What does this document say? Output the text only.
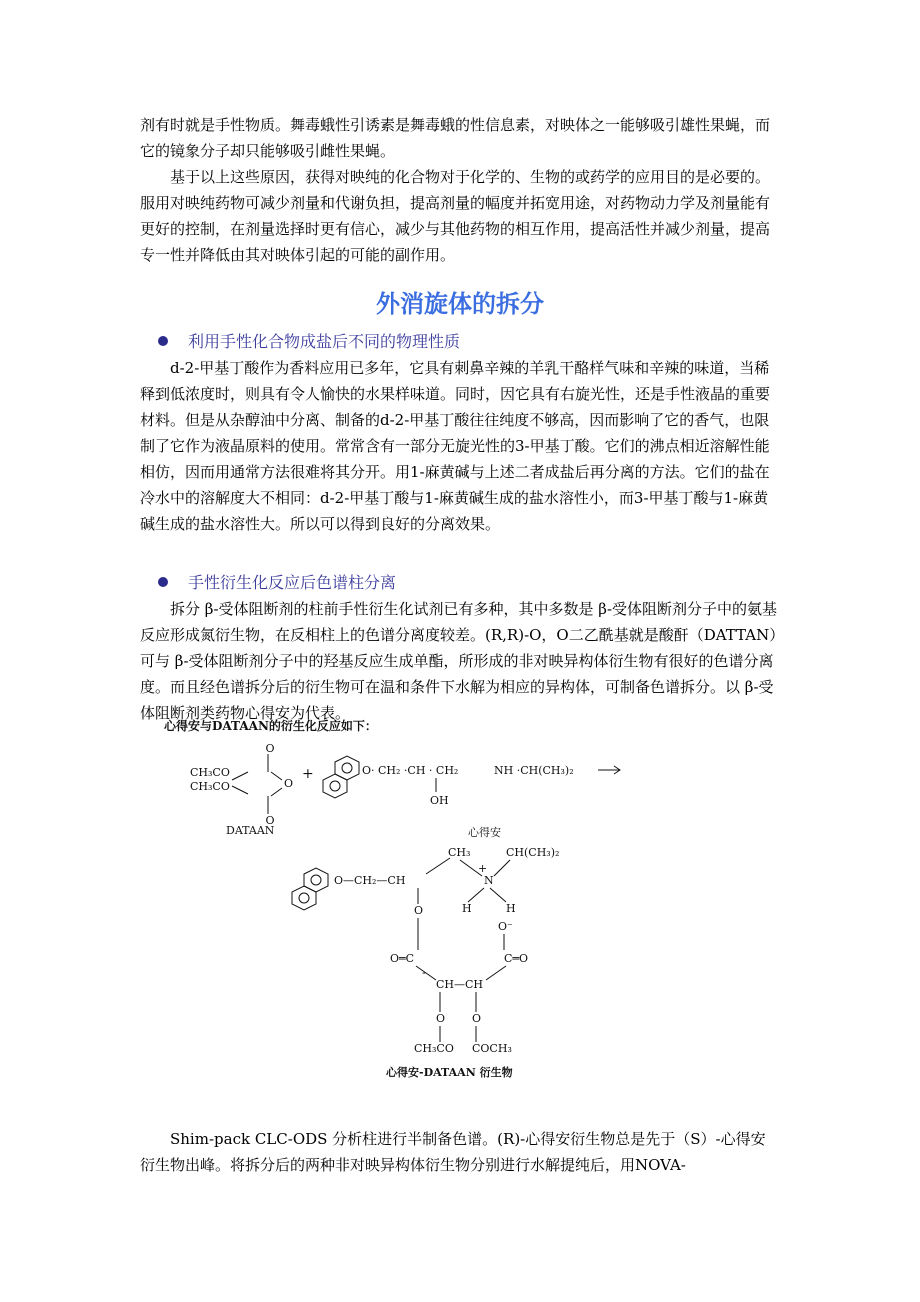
剂有时就是手性物质。舞毒蛾性引诱素是舞毒蛾的性信息素，对映体之一能够吸引雄性果蝇，而它的镜象分子却只能够吸引雌性果蝇。

基于以上这些原因，获得对映纯的化合物对于化学的、生物的或药学的应用目的是必要的。服用对映纯药物可减少剂量和代谢负担，提高剂量的幅度并拓宽用途，对药物动力学及剂量能有更好的控制，在剂量选择时更有信心，减少与其他药物的相互作用，提高活性并减少剂量，提高专一性并降低由其对映体引起的可能的副作用。

外消旋体的拆分

利用手性化合物成盐后不同的物理性质

d-2-甲基丁酸作为香料应用已多年，它具有刺鼻辛辣的羊乳干酪样气味和辛辣的味道，当稀释到低浓度时，则具有令人愉快的水果样味道。同时，因它具有右旋光性，还是手性液晶的重要材料。但是从杂醇油中分离、制备的d-2-甲基丁酸往往纯度不够高，因而影响了它的香气，也限制了它作为液晶原料的使用。常常含有一部分无旋光性的3-甲基丁酸。它们的沸点相近溶解性能相仿，因而用通常方法很难将其分开。用1-麻黄碱与上述二者成盐后再分离的方法。它们的盐在冷水中的溶解度大不相同：d-2-甲基丁酸与1-麻黄碱生成的盐水溶性小，而3-甲基丁酸与1-麻黄碱生成的盐水溶性大。所以可以得到良好的分离效果。

手性衍生化反应后色谱柱分离

拆分 β-受体阻断剂的柱前手性衍生化试剂已有多种，其中多数是 β-受体阻断剂分子中的氨基反应形成氮衍生物，在反相柱上的色谱分离度较差。(R,R)-O，O二乙酰基就是酸酐（DATTAN）可与 β-受体阻断剂分子中的羟基反应生成单酯，所形成的非对映异构体衍生物有很好的色谱分离度。而且经色谱拆分后的衍生物可在温和条件下水解为相应的异构体，可制备色谱拆分。以 β-受体阻断剂类药物心得安为代表。

心得安与DATAAN的衍生化反应如下：
O
CH₃CO
CH₃CO	O
O
DATAAN
+	O· CH₂ ·CH · CH₂
OH
NH ·CH(CH₃)₂
心得安
O—CH₂—CH
CH₃	CH(CH₃)₂
N
+
H	H
O
O⁻
O═C	C═O
-
CH—CH
O O
CH₃CO COCH₃
心得安-DATAAN 衍生物

Shim-pack CLC-ODS 分析柱进行半制备色谱。(R)-心得安衍生物总是先于（S）-心得安衍生物出峰。将拆分后的两种非对映异构体衍生物分别进行水解提纯后，用NOVA-
